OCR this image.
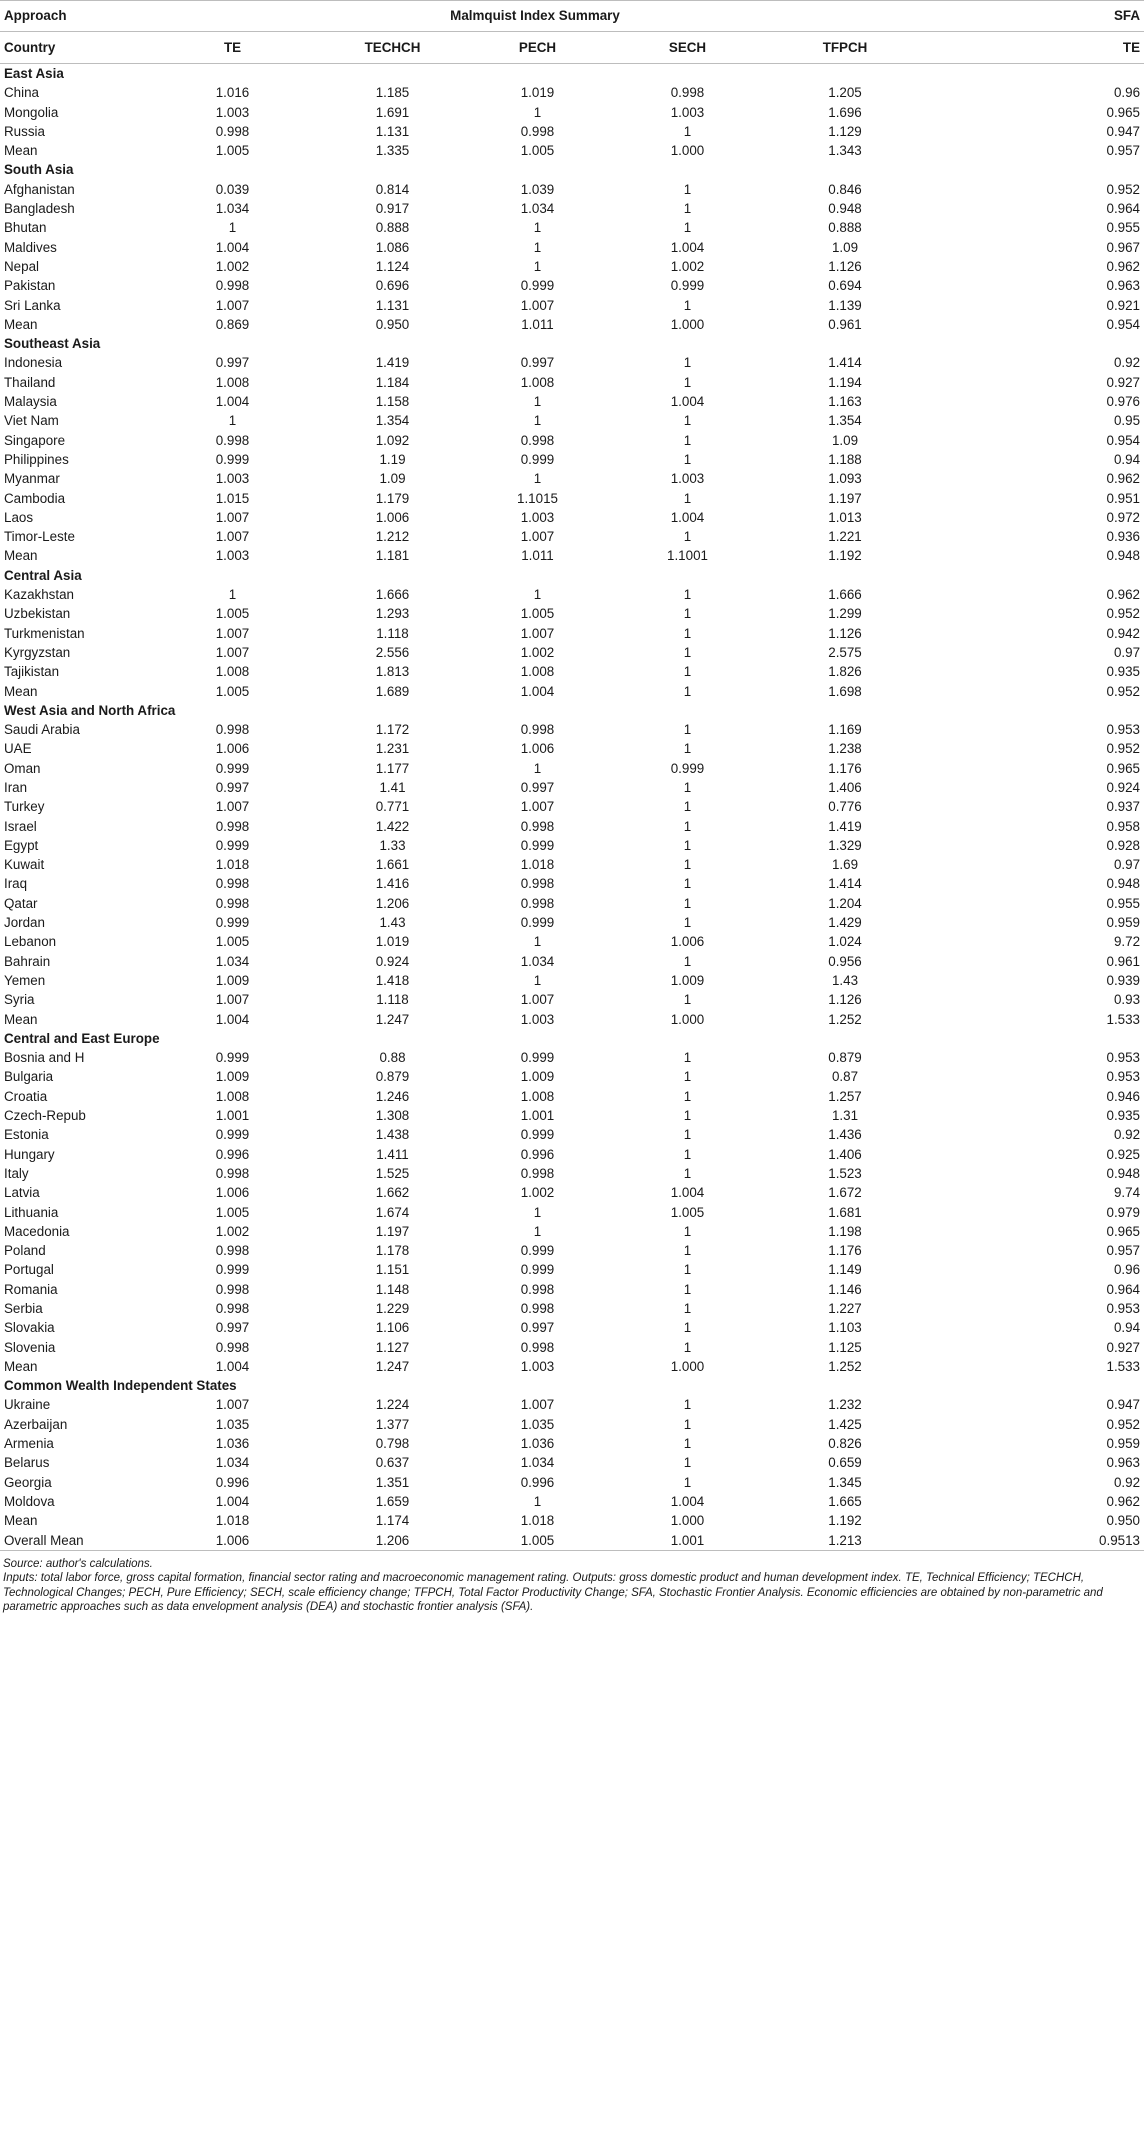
Approach	Malmquist Index Summary					SFA
Country	TE	TECHCH	PECH	SECH	TFPCH	TE
East Asia						
China	1.016	1.185	1.019	0.998	1.205	0.96
Mongolia	1.003	1.691	1	1.003	1.696	0.965
Russia	0.998	1.131	0.998	1	1.129	0.947
Mean	1.005	1.335	1.005	1.000	1.343	0.957
South Asia						
Afghanistan	0.039	0.814	1.039	1	0.846	0.952
Bangladesh	1.034	0.917	1.034	1	0.948	0.964
Bhutan	1	0.888	1	1	0.888	0.955
Maldives	1.004	1.086	1	1.004	1.09	0.967
Nepal	1.002	1.124	1	1.002	1.126	0.962
Pakistan	0.998	0.696	0.999	0.999	0.694	0.963
Sri Lanka	1.007	1.131	1.007	1	1.139	0.921
Mean	0.869	0.950	1.011	1.000	0.961	0.954
Southeast Asia						
Indonesia	0.997	1.419	0.997	1	1.414	0.92
Thailand	1.008	1.184	1.008	1	1.194	0.927
Malaysia	1.004	1.158	1	1.004	1.163	0.976
Viet Nam	1	1.354	1	1	1.354	0.95
Singapore	0.998	1.092	0.998	1	1.09	0.954
Philippines	0.999	1.19	0.999	1	1.188	0.94
Myanmar	1.003	1.09	1	1.003	1.093	0.962
Cambodia	1.015	1.179	1.1015	1	1.197	0.951
Laos	1.007	1.006	1.003	1.004	1.013	0.972
Timor-Leste	1.007	1.212	1.007	1	1.221	0.936
Mean	1.003	1.181	1.011	1.1001	1.192	0.948
Central Asia						
Kazakhstan	1	1.666	1	1	1.666	0.962
Uzbekistan	1.005	1.293	1.005	1	1.299	0.952
Turkmenistan	1.007	1.118	1.007	1	1.126	0.942
Kyrgyzstan	1.007	2.556	1.002	1	2.575	0.97
Tajikistan	1.008	1.813	1.008	1	1.826	0.935
Mean	1.005	1.689	1.004	1	1.698	0.952
West Asia and North Africa						
Saudi Arabia	0.998	1.172	0.998	1	1.169	0.953
UAE	1.006	1.231	1.006	1	1.238	0.952
Oman	0.999	1.177	1	0.999	1.176	0.965
Iran	0.997	1.41	0.997	1	1.406	0.924
Turkey	1.007	0.771	1.007	1	0.776	0.937
Israel	0.998	1.422	0.998	1	1.419	0.958
Egypt	0.999	1.33	0.999	1	1.329	0.928
Kuwait	1.018	1.661	1.018	1	1.69	0.97
Iraq	0.998	1.416	0.998	1	1.414	0.948
Qatar	0.998	1.206	0.998	1	1.204	0.955
Jordan	0.999	1.43	0.999	1	1.429	0.959
Lebanon	1.005	1.019	1	1.006	1.024	9.72
Bahrain	1.034	0.924	1.034	1	0.956	0.961
Yemen	1.009	1.418	1	1.009	1.43	0.939
Syria	1.007	1.118	1.007	1	1.126	0.93
Mean	1.004	1.247	1.003	1.000	1.252	1.533
Central and East Europe						
Bosnia and H	0.999	0.88	0.999	1	0.879	0.953
Bulgaria	1.009	0.879	1.009	1	0.87	0.953
Croatia	1.008	1.246	1.008	1	1.257	0.946
Czech-Repub	1.001	1.308	1.001	1	1.31	0.935
Estonia	0.999	1.438	0.999	1	1.436	0.92
Hungary	0.996	1.411	0.996	1	1.406	0.925
Italy	0.998	1.525	0.998	1	1.523	0.948
Latvia	1.006	1.662	1.002	1.004	1.672	9.74
Lithuania	1.005	1.674	1	1.005	1.681	0.979
Macedonia	1.002	1.197	1	1	1.198	0.965
Poland	0.998	1.178	0.999	1	1.176	0.957
Portugal	0.999	1.151	0.999	1	1.149	0.96
Romania	0.998	1.148	0.998	1	1.146	0.964
Serbia	0.998	1.229	0.998	1	1.227	0.953
Slovakia	0.997	1.106	0.997	1	1.103	0.94
Slovenia	0.998	1.127	0.998	1	1.125	0.927
Mean	1.004	1.247	1.003	1.000	1.252	1.533
Common Wealth Independent States						
Ukraine	1.007	1.224	1.007	1	1.232	0.947
Azerbaijan	1.035	1.377	1.035	1	1.425	0.952
Armenia	1.036	0.798	1.036	1	0.826	0.959
Belarus	1.034	0.637	1.034	1	0.659	0.963
Georgia	0.996	1.351	0.996	1	1.345	0.92
Moldova	1.004	1.659	1	1.004	1.665	0.962
Mean	1.018	1.174	1.018	1.000	1.192	0.950
Overall Mean	1.006	1.206	1.005	1.001	1.213	0.9513

Source: author's calculations.

Inputs: total labor force, gross capital formation, financial sector rating and macroeconomic management rating. Outputs: gross domestic product and human development index. TE, Technical Efficiency; TECHCH, Technological Changes; PECH, Pure Efficiency; SECH, scale efficiency change; TFPCH, Total Factor Productivity Change; SFA, Stochastic Frontier Analysis. Economic efficiencies are obtained by non-parametric and parametric approaches such as data envelopment analysis (DEA) and stochastic frontier analysis (SFA).
